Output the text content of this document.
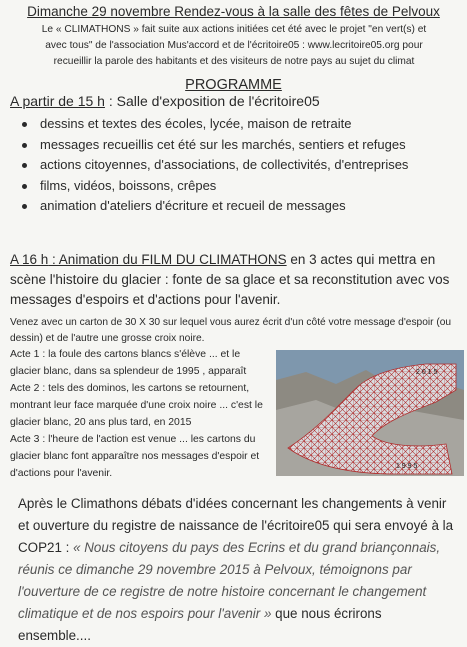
Dimanche 29 novembre Rendez-vous à la salle des fêtes de Pelvoux
Le « CLIMATHONS » fait suite aux actions initiées cet été avec le projet "en vert(s) et
avec tous" de l'association Mus'accord et de l'écritoire05 : www.lecritoire05.org pour
recueillir la parole des habitants et des visiteurs de notre pays au sujet du climat
PROGRAMME
A partir de 15 h : Salle d'exposition de l'écritoire05
dessins et textes des écoles, lycée, maison de retraite
messages recueillis cet été sur les marchés, sentiers et refuges
actions citoyennes, d'associations, de collectivités, d'entreprises
films, vidéos, boissons, crêpes
animation d'ateliers d'écriture et recueil de messages
A 16 h : Animation du FILM DU CLIMATHONS en 3 actes qui mettra en scène l'histoire du glacier : fonte de sa glace et sa reconstitution avec vos messages d'espoirs et d'actions pour l'avenir.
Venez avec un carton de 30 X 30 sur lequel vous aurez écrit d'un côté votre message d'espoir (ou dessin) et de l'autre une grosse croix noire.
Acte 1 : la foule des cartons blancs s'élève ... et le glacier blanc, dans sa splendeur de 1995 , apparaît
Acte 2 : tels des dominos, les cartons se retournent, montrant leur face marquée d'une croix noire ... c'est le glacier blanc, 20 ans plus tard, en 2015
Acte 3 : l'heure de l'action est venue ... les cartons du glacier blanc font apparaître nos messages d'espoir et d'actions pour l'avenir.
2 0 1 5
1 9 9 5
Après le Climathons débats d'idées concernant les changements à venir et ouverture du registre de naissance de l'écritoire05 qui sera envoyé à la COP21 : « Nous citoyens du pays des Ecrins et du grand briançonnais, réunis ce dimanche 29 novembre 2015 à Pelvoux, témoignons par l'ouverture de ce registre de notre histoire concernant le changement climatique et de nos espoirs pour l'avenir » que nous écrirons ensemble....
